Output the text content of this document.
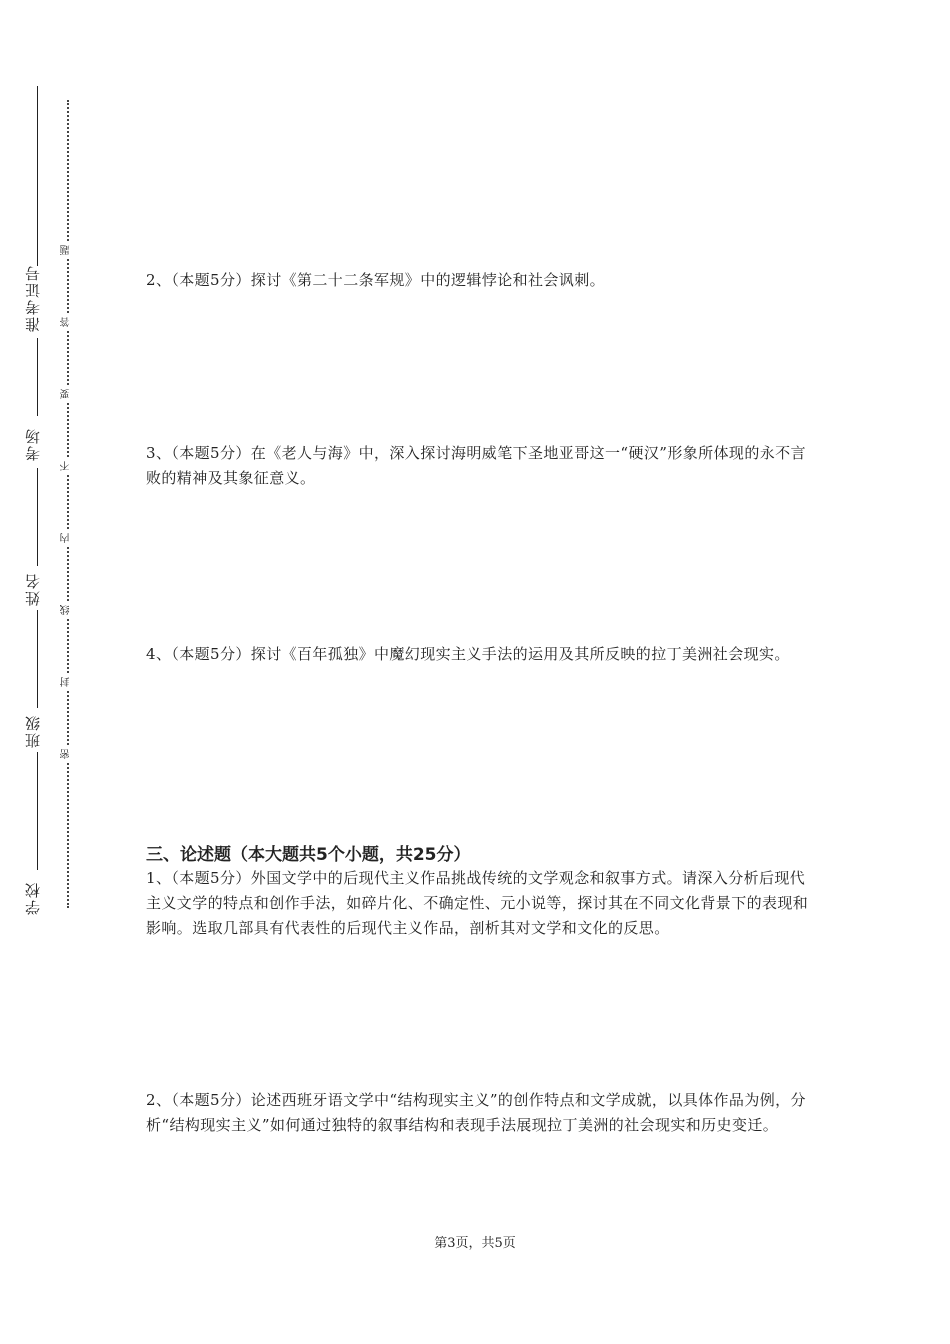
准考证号
考场
姓名
班级
学校
题
答
要
不
内
线
封
密

2、（本题5分）探讨《第二十二条军规》中的逻辑悖论和社会讽刺。

3、（本题5分）在《老人与海》中，深入探讨海明威笔下圣地亚哥这一“硬汉”形象所体现的永不言败的精神及其象征意义。

4、（本题5分）探讨《百年孤独》中魔幻现实主义手法的运用及其所反映的拉丁美洲社会现实。

三、论述题（本大题共5个小题，共25分）

1、（本题5分）外国文学中的后现代主义作品挑战传统的文学观念和叙事方式。请深入分析后现代主义文学的特点和创作手法，如碎片化、不确定性、元小说等，探讨其在不同文化背景下的表现和影响。选取几部具有代表性的后现代主义作品，剖析其对文学和文化的反思。

2、（本题5分）论述西班牙语文学中“结构现实主义”的创作特点和文学成就，以具体作品为例，分析“结构现实主义”如何通过独特的叙事结构和表现手法展现拉丁美洲的社会现实和历史变迁。

第3页，共5页
